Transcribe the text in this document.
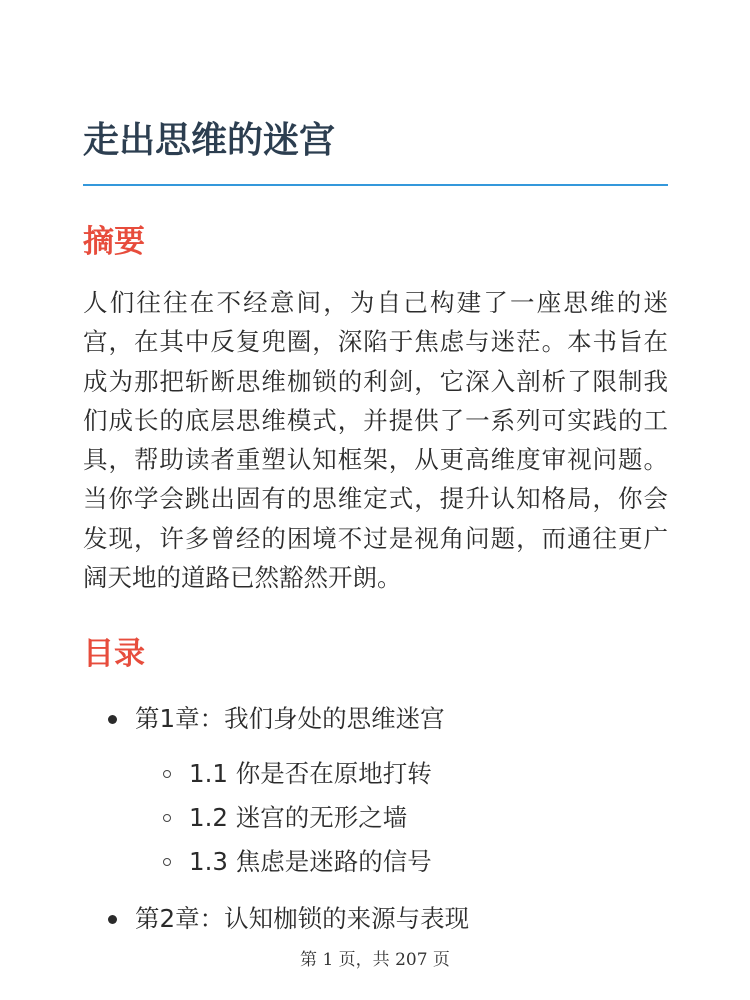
走出思维的迷宫
摘要

人们往往在不经意间，为自己构建了一座思维的迷宫，在其中反复兜圈，深陷于焦虑与迷茫。本书旨在成为那把斩断思维枷锁的利剑，它深入剖析了限制我们成长的底层思维模式，并提供了一系列可实践的工具，帮助读者重塑认知框架，从更高维度审视问题。当你学会跳出固有的思维定式，提升认知格局，你会发现，许多曾经的困境不过是视角问题，而通往更广阔天地的道路已然豁然开朗。

目录
第1章：我们身处的思维迷宫
1.1 你是否在原地打转
1.2 迷宫的无形之墙
1.3 焦虑是迷路的信号
第2章：认知枷锁的来源与表现
第 1 页，共 207 页
